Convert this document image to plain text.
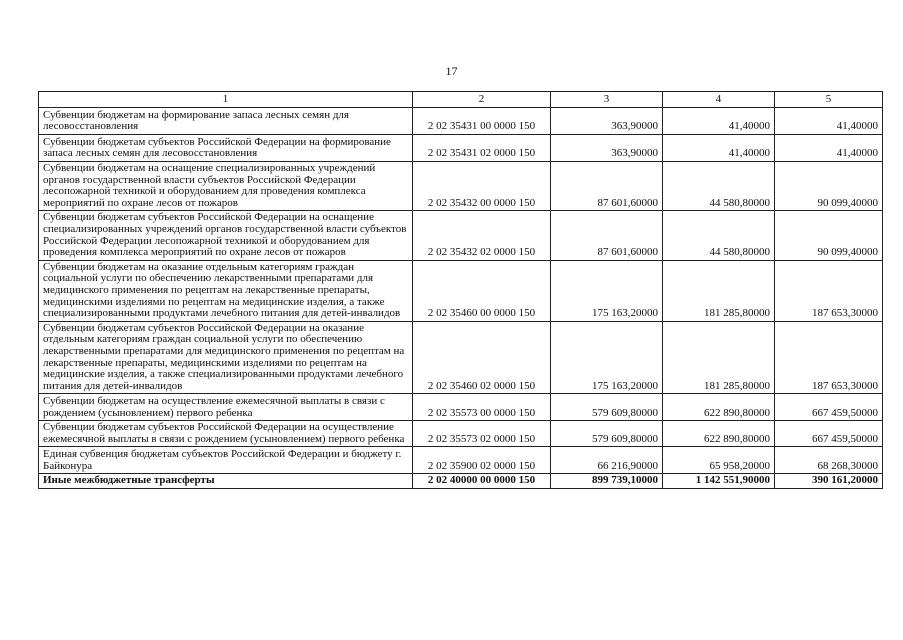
17
1	2	3	4	5
Субвенции бюджетам на формирование запаса лесных семян для лесовосстановления	2 02 35431 00 0000 150	363,90000	41,40000	41,40000
Субвенции бюджетам субъектов Российской Федерации на формирование запаса лесных семян для лесовосстановления	2 02 35431 02 0000 150	363,90000	41,40000	41,40000
Субвенции бюджетам на оснащение специализированных учреждений органов государственной власти субъектов Российской Федерации лесопожарной техникой и оборудованием для проведения комплекса мероприятий по охране лесов от пожаров	2 02 35432 00 0000 150	87 601,60000	44 580,80000	90 099,40000
Субвенции бюджетам субъектов Российской Федерации на оснащение специализированных учреждений органов государственной власти субъектов Российской Федерации лесопожарной техникой и оборудованием для проведения комплекса мероприятий по охране лесов от пожаров	2 02 35432 02 0000 150	87 601,60000	44 580,80000	90 099,40000
Субвенции бюджетам на оказание отдельным категориям граждан социальной услуги по обеспечению лекарственными препаратами для медицинского применения по рецептам на лекарственные препараты, медицинскими изделиями по рецептам на медицинские изделия, а также специализированными продуктами лечебного питания для детей-инвалидов	2 02 35460 00 0000 150	175 163,20000	181 285,80000	187 653,30000
Субвенции бюджетам субъектов Российской Федерации на оказание отдельным категориям граждан социальной услуги по обеспечению лекарственными препаратами для медицинского применения по рецептам на лекарственные препараты, медицинскими изделиями по рецептам на медицинские изделия, а также специализированными продуктами лечебного питания для детей-инвалидов	2 02 35460 02 0000 150	175 163,20000	181 285,80000	187 653,30000
Субвенции бюджетам на осуществление ежемесячной выплаты в связи с рождением (усыновлением) первого ребенка	2 02 35573 00 0000 150	579 609,80000	622 890,80000	667 459,50000
Субвенции бюджетам субъектов Российской Федерации на осуществление ежемесячной выплаты в связи с рождением (усыновлением) первого ребенка	2 02 35573 02 0000 150	579 609,80000	622 890,80000	667 459,50000
Единая субвенция бюджетам субъектов Российской Федерации и бюджету г. Байконура	2 02 35900 02 0000 150	66 216,90000	65 958,20000	68 268,30000
Иные межбюджетные трансферты	2 02 40000 00 0000 150	899 739,10000	1 142 551,90000	390 161,20000
